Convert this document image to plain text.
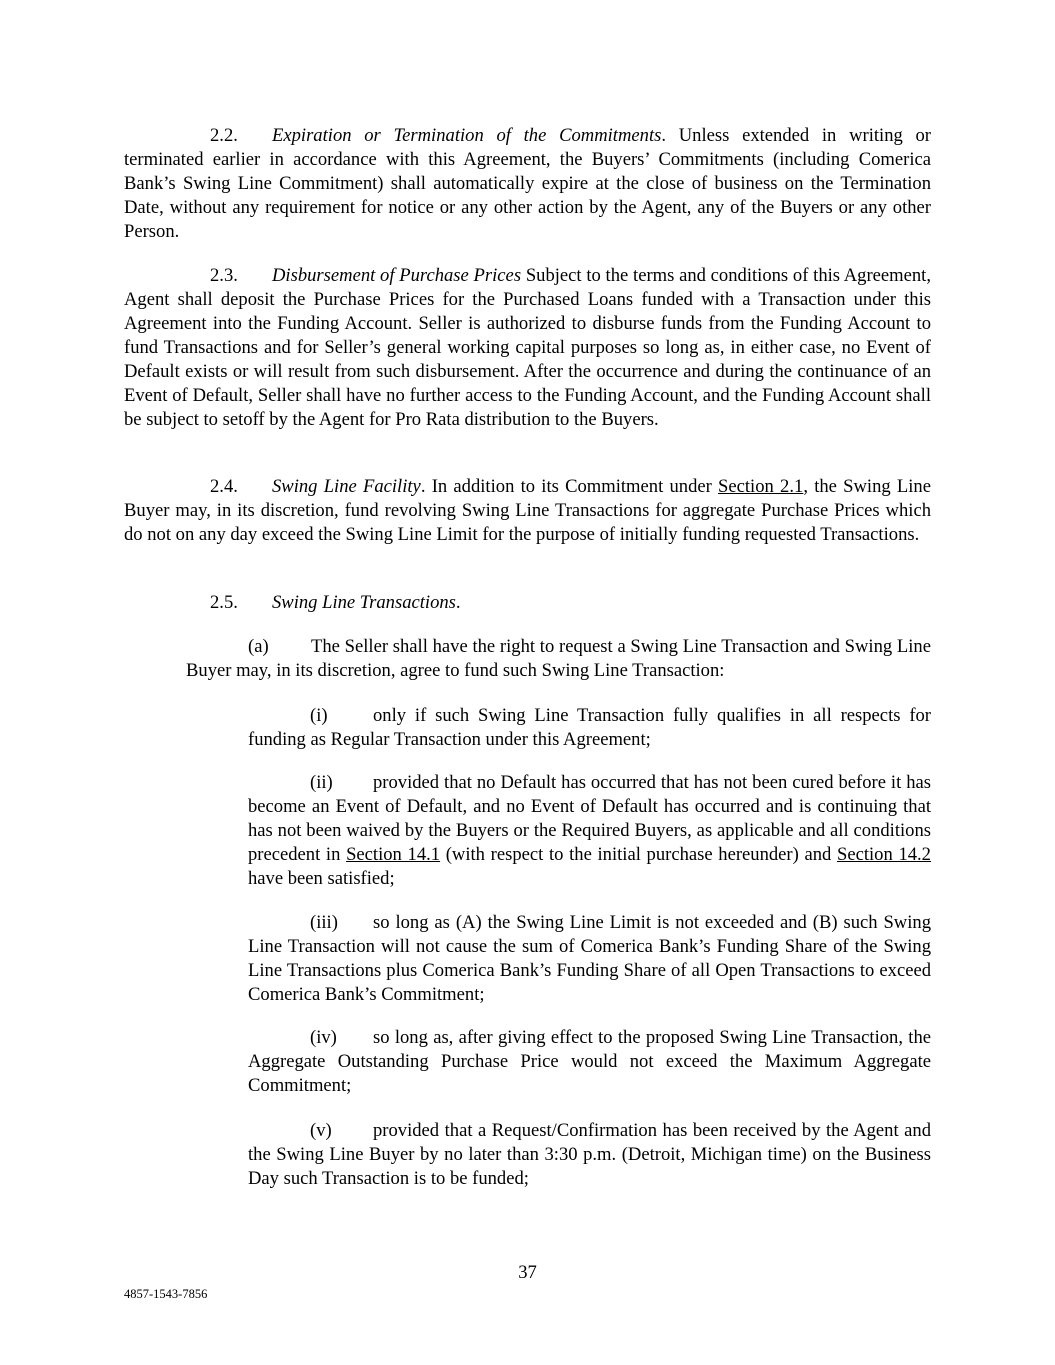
2.2. Expiration or Termination of the Commitments. Unless extended in writing or terminated earlier in accordance with this Agreement, the Buyers’ Commitments (including Comerica Bank’s Swing Line Commitment) shall automatically expire at the close of business on the Termination Date, without any requirement for notice or any other action by the Agent, any of the Buyers or any other Person.

2.3. Disbursement of Purchase Prices Subject to the terms and conditions of this Agreement, Agent shall deposit the Purchase Prices for the Purchased Loans funded with a Transaction under this Agreement into the Funding Account. Seller is authorized to disburse funds from the Funding Account to fund Transactions and for Seller’s general working capital purposes so long as, in either case, no Event of Default exists or will result from such disbursement. After the occurrence and during the continuance of an Event of Default, Seller shall have no further access to the Funding Account, and the Funding Account shall be subject to setoff by the Agent for Pro Rata distribution to the Buyers.

2.4. Swing Line Facility. In addition to its Commitment under Section 2.1, the Swing Line Buyer may, in its discretion, fund revolving Swing Line Transactions for aggregate Purchase Prices which do not on any day exceed the Swing Line Limit for the purpose of initially funding requested Transactions.

2.5. Swing Line Transactions.

(a) The Seller shall have the right to request a Swing Line Transaction and Swing Line Buyer may, in its discretion, agree to fund such Swing Line Transaction:

(i) only if such Swing Line Transaction fully qualifies in all respects for funding as Regular Transaction under this Agreement;

(ii) provided that no Default has occurred that has not been cured before it has become an Event of Default, and no Event of Default has occurred and is continuing that has not been waived by the Buyers or the Required Buyers, as applicable and all conditions precedent in Section 14.1 (with respect to the initial purchase hereunder) and Section 14.2 have been satisfied;

(iii) so long as (A) the Swing Line Limit is not exceeded and (B) such Swing Line Transaction will not cause the sum of Comerica Bank’s Funding Share of the Swing Line Transactions plus Comerica Bank’s Funding Share of all Open Transactions to exceed Comerica Bank’s Commitment;

(iv) so long as, after giving effect to the proposed Swing Line Transaction, the Aggregate Outstanding Purchase Price would not exceed the Maximum Aggregate Commitment;

(v) provided that a Request/Confirmation has been received by the Agent and the Swing Line Buyer by no later than 3:30 p.m. (Detroit, Michigan time) on the Business Day such Transaction is to be funded;

37
4857-1543-7856
